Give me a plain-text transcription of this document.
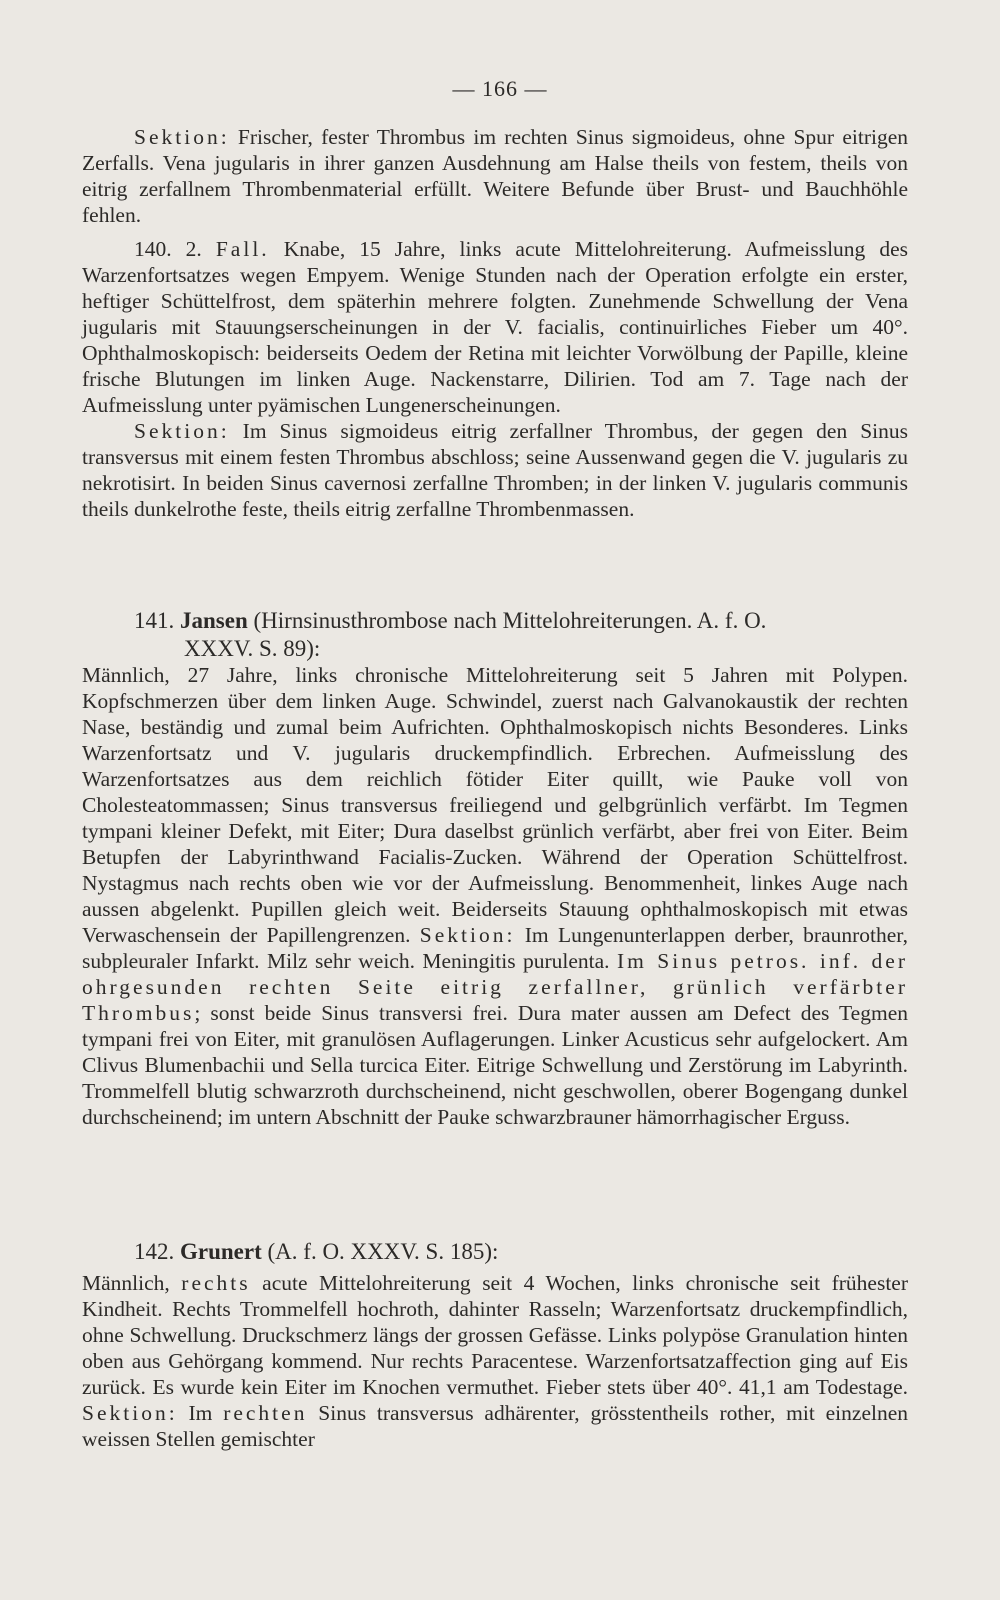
— 166 —

Sektion: Frischer, fester Thrombus im rechten Sinus sigmoideus, ohne Spur eitrigen Zerfalls. Vena jugularis in ihrer ganzen Ausdehnung am Halse theils von festem, theils von eitrig zerfallnem Thrombenmaterial erfüllt. Weitere Befunde über Brust- und Bauchhöhle fehlen.

140. 2. Fall. Knabe, 15 Jahre, links acute Mittelohreiterung. Aufmeisslung des Warzenfortsatzes wegen Empyem. Wenige Stunden nach der Operation erfolgte ein erster, heftiger Schüttelfrost, dem späterhin mehrere folgten. Zunehmende Schwellung der Vena jugularis mit Stauungserscheinungen in der V. facialis, continuirliches Fieber um 40°. Ophthalmoskopisch: beiderseits Oedem der Retina mit leichter Vorwölbung der Papille, kleine frische Blutungen im linken Auge. Nackenstarre, Dilirien. Tod am 7. Tage nach der Aufmeisslung unter pyämischen Lungenerscheinungen.

Sektion: Im Sinus sigmoideus eitrig zerfallner Thrombus, der gegen den Sinus transversus mit einem festen Thrombus abschloss; seine Aussenwand gegen die V. jugularis zu nekrotisirt. In beiden Sinus cavernosi zerfallne Thromben; in der linken V. jugularis communis theils dunkelrothe feste, theils eitrig zerfallne Thrombenmassen.

141. Jansen (Hirnsinusthrombose nach Mittelohreiterungen. A. f. O.
XXXV. S. 89):

Männlich, 27 Jahre, links chronische Mittelohreiterung seit 5 Jahren mit Polypen. Kopfschmerzen über dem linken Auge. Schwindel, zuerst nach Galvanokaustik der rechten Nase, beständig und zumal beim Aufrichten. Ophthalmoskopisch nichts Besonderes. Links Warzenfortsatz und V. jugularis druckempfindlich. Erbrechen. Aufmeisslung des Warzenfortsatzes aus dem reichlich fötider Eiter quillt, wie Pauke voll von Cholesteatommassen; Sinus transversus freiliegend und gelbgrünlich verfärbt. Im Tegmen tympani kleiner Defekt, mit Eiter; Dura daselbst grünlich verfärbt, aber frei von Eiter. Beim Betupfen der Labyrinthwand Facialis-Zucken. Während der Operation Schüttelfrost. Nystagmus nach rechts oben wie vor der Aufmeisslung. Benommenheit, linkes Auge nach aussen abgelenkt. Pupillen gleich weit. Beiderseits Stauung ophthalmoskopisch mit etwas Verwaschensein der Papillengrenzen. Sektion: Im Lungenunterlappen derber, braunrother, subpleuraler Infarkt. Milz sehr weich. Meningitis purulenta. Im Sinus petros. inf. der ohrgesunden rechten Seite eitrig zerfallner, grünlich verfärbter Thrombus; sonst beide Sinus transversi frei. Dura mater aussen am Defect des Tegmen tympani frei von Eiter, mit granulösen Auflagerungen. Linker Acusticus sehr aufgelockert. Am Clivus Blumenbachii und Sella turcica Eiter. Eitrige Schwellung und Zerstörung im Labyrinth. Trommelfell blutig schwarzroth durchscheinend, nicht geschwollen, oberer Bogengang dunkel durchscheinend; im untern Abschnitt der Pauke schwarzbrauner hämorrhagischer Erguss.

142. Grunert (A. f. O. XXXV. S. 185):

Männlich, rechts acute Mittelohreiterung seit 4 Wochen, links chronische seit frühester Kindheit. Rechts Trommelfell hochroth, dahinter Rasseln; Warzenfortsatz druckempfindlich, ohne Schwellung. Druckschmerz längs der grossen Gefässe. Links polypöse Granulation hinten oben aus Gehörgang kommend. Nur rechts Paracentese. Warzenfortsatzaffection ging auf Eis zurück. Es wurde kein Eiter im Knochen vermuthet. Fieber stets über 40°. 41,1 am Todestage. Sektion: Im rechten Sinus transversus adhärenter, grösstentheils rother, mit einzelnen weissen Stellen gemischter
